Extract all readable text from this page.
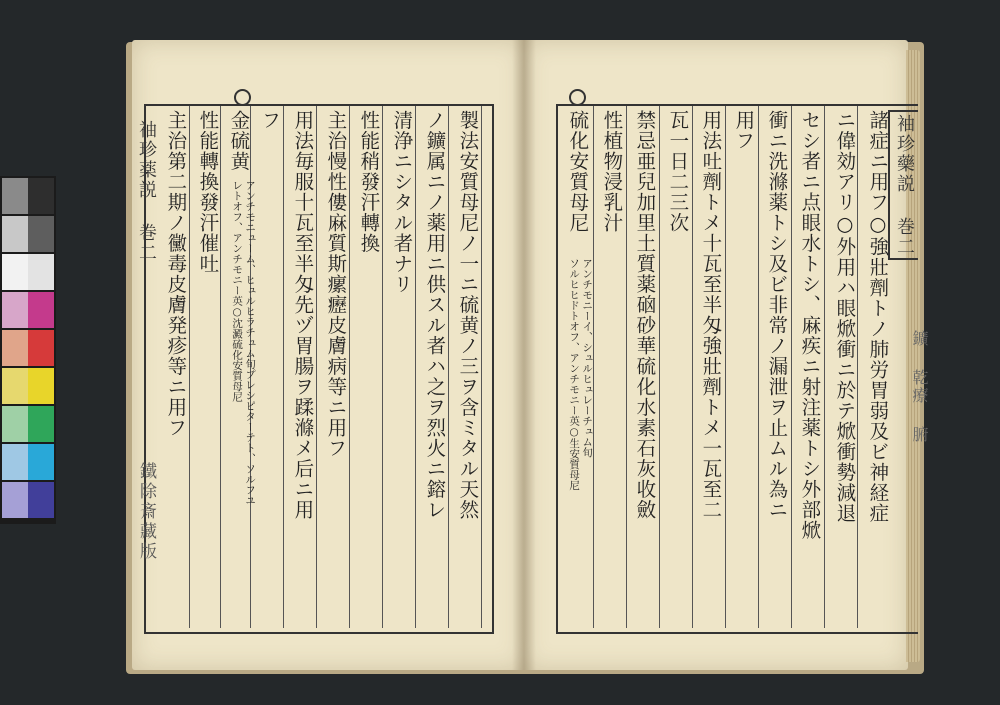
袖珍薬説 巻二
鐵除斎藏版
袖珍藥説 巻二
鑛 乾療 腑
製法安質母尼ノ一ニ硫黄ノ三ヲ含ミタル天然
ノ鑛属ニノ薬用ニ供スル者ハ之ヲ烈火ニ鎔レ
清浄ニシタル者ナリ
性能稍發汗轉換
主治慢性僂麻質斯瘰癧皮膚病等ニ用フ
用法毎服十瓦至半匁先ヅ胃腸ヲ蹂滌メ后ニ用
フ
金硫黄
アンチモニューム、ヒュルヒラチュム旬プレシピターテト、ソルフユ
レトオフ、アンチモニー英○沈澱硫化安質母尼
性能轉換發汗催吐
主治第二期ノ黴毒皮膚発疹等ニ用フ	諸症ニ用フ○強壯劑トノ肺労胃弱及ビ神経症
ニ偉効アリ○外用ハ眼焮衝ニ於テ焮衝勢減退
セシ者ニ点眼水トシ、麻疾ニ射注薬トシ外部焮
衝ニ洗滌薬トシ及ビ非常ノ漏泄ヲ止ムル為ニ
用フ
用法吐劑トメ十瓦至半匁強壯劑トメ一瓦至二
瓦一日二三次
禁忌亜兒加里土質薬硇砂華硫化水素石灰收斂
性植物浸乳汁
硫化安質母尼
アンチモニーイ、シュルヒュレーチュム旬
ソルヒヒドトオフ、アンチモニー英○生安質母尼
